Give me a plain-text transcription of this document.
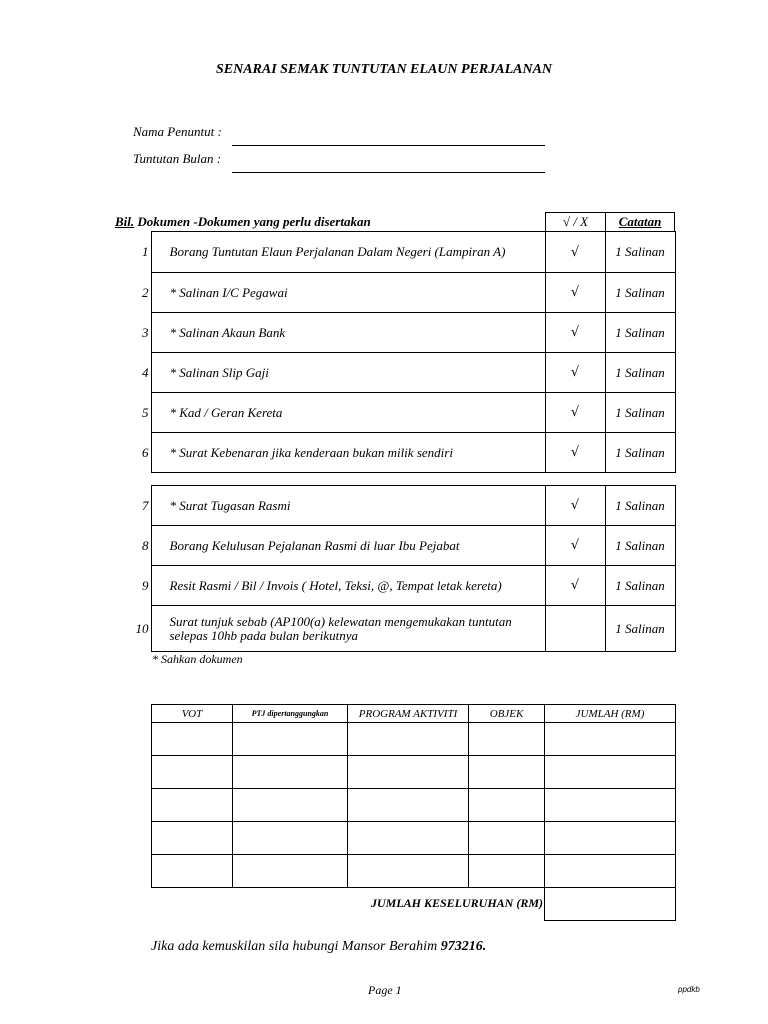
SENARAI SEMAK TUNTUTAN ELAUN PERJALANAN
Nama Penuntut :
Tuntutan Bulan :
Bil. Dokumen -Dokumen yang perlu disertakan	√ / X	Catatan
1	Borang Tuntutan Elaun Perjalanan Dalam Negeri (Lampiran A)	√	1 Salinan
2	* Salinan I/C Pegawai	√	1 Salinan
3	* Salinan Akaun Bank	√	1 Salinan
4	* Salinan Slip Gaji	√	1 Salinan
5	* Kad / Geran Kereta	√	1 Salinan
6	* Surat Kebenaran jika kenderaan bukan milik sendiri	√	1 Salinan
7	* Surat Tugasan Rasmi	√	1 Salinan
8	Borang Kelulusan Pejalanan Rasmi di luar Ibu Pejabat	√	1 Salinan
9	Resit Rasmi / Bil / Invois ( Hotel, Teksi, @, Tempat letak kereta)	√	1 Salinan
10	Surat tunjuk sebab (AP100(a) kelewatan mengemukakan tuntutan selepas 10hb pada bulan berikutnya		1 Salinan
* Sahkan dokumen
VOT	PTJ dipertanggungkan	PROGRAM AKTIVITI	OBJEK	JUMLAH (RM)

JUMLAH KESELURUHAN (RM)
Jika ada kemuskilan sila hubungi Mansor Berahim 973216.
Page 1	ppdkb
